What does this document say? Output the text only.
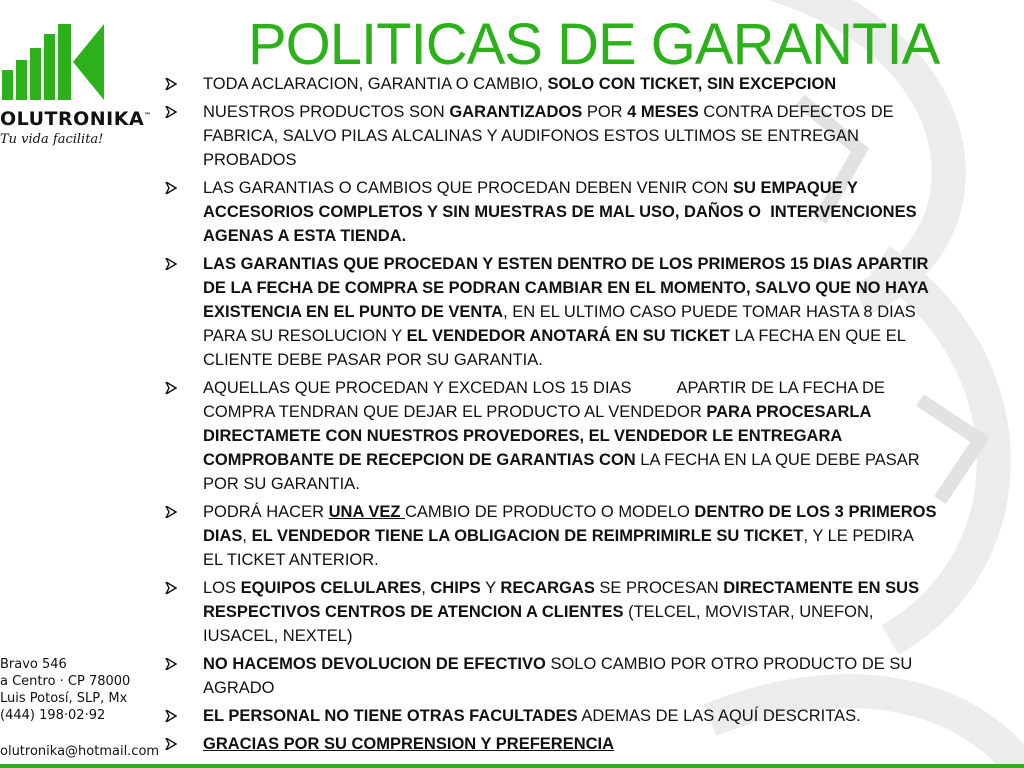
OLUTRONIKA™
Tu vida facilita!
POLITICAS DE GARANTIA
TODA ACLARACION, GARANTIA O CAMBIO, SOLO CON TICKET, SIN EXCEPCION
NUESTROS PRODUCTOS SON GARANTIZADOS POR 4 MESES CONTRA DEFECTOS DE
FABRICA, SALVO PILAS ALCALINAS Y AUDIFONOS ESTOS ULTIMOS SE ENTREGAN
PROBADOS
LAS GARANTIAS O CAMBIOS QUE PROCEDAN DEBEN VENIR CON SU EMPAQUE Y
ACCESORIOS COMPLETOS Y SIN MUESTRAS DE MAL USO, DAÑOS O  INTERVENCIONES
AGENAS A ESTA TIENDA.
LAS GARANTIAS QUE PROCEDAN Y ESTEN DENTRO DE LOS PRIMEROS 15 DIAS APARTIR
DE LA FECHA DE COMPRA SE PODRAN CAMBIAR EN EL MOMENTO, SALVO QUE NO HAYA
EXISTENCIA EN EL PUNTO DE VENTA, EN EL ULTIMO CASO PUEDE TOMAR HASTA 8 DIAS
PARA SU RESOLUCION Y EL VENDEDOR ANOTARÁ EN SU TICKET LA FECHA EN QUE EL
CLIENTE DEBE PASAR POR SU GARANTIA.
AQUELLAS QUE PROCEDAN Y EXCEDAN LOS 15 DIAS          APARTIR DE LA FECHA DE
COMPRA TENDRAN QUE DEJAR EL PRODUCTO AL VENDEDOR PARA PROCESARLA
DIRECTAMETE CON NUESTROS PROVEDORES, EL VENDEDOR LE ENTREGARA
COMPROBANTE DE RECEPCION DE GARANTIAS CON LA FECHA EN LA QUE DEBE PASAR
POR SU GARANTIA.
PODRÁ HACER UNA VEZ CAMBIO DE PRODUCTO O MODELO DENTRO DE LOS 3 PRIMEROS
DIAS, EL VENDEDOR TIENE LA OBLIGACION DE REIMPRIMIRLE SU TICKET, Y LE PEDIRA
EL TICKET ANTERIOR.
LOS EQUIPOS CELULARES, CHIPS Y RECARGAS SE PROCESAN DIRECTAMENTE EN SUS
RESPECTIVOS CENTROS DE ATENCION A CLIENTES (TELCEL, MOVISTAR, UNEFON,
IUSACEL, NEXTEL)
NO HACEMOS DEVOLUCION DE EFECTIVO SOLO CAMBIO POR OTRO PRODUCTO DE SU
AGRADO
EL PERSONAL NO TIENE OTRAS FACULTADES ADEMAS DE LAS AQUÍ DESCRITAS.
GRACIAS POR SU COMPRENSION Y PREFERENCIA
Bravo 546
a Centro · CP 78000
Luis Potosí, SLP, Mx
(444) 198·02·92
olutronika@hotmail.com
